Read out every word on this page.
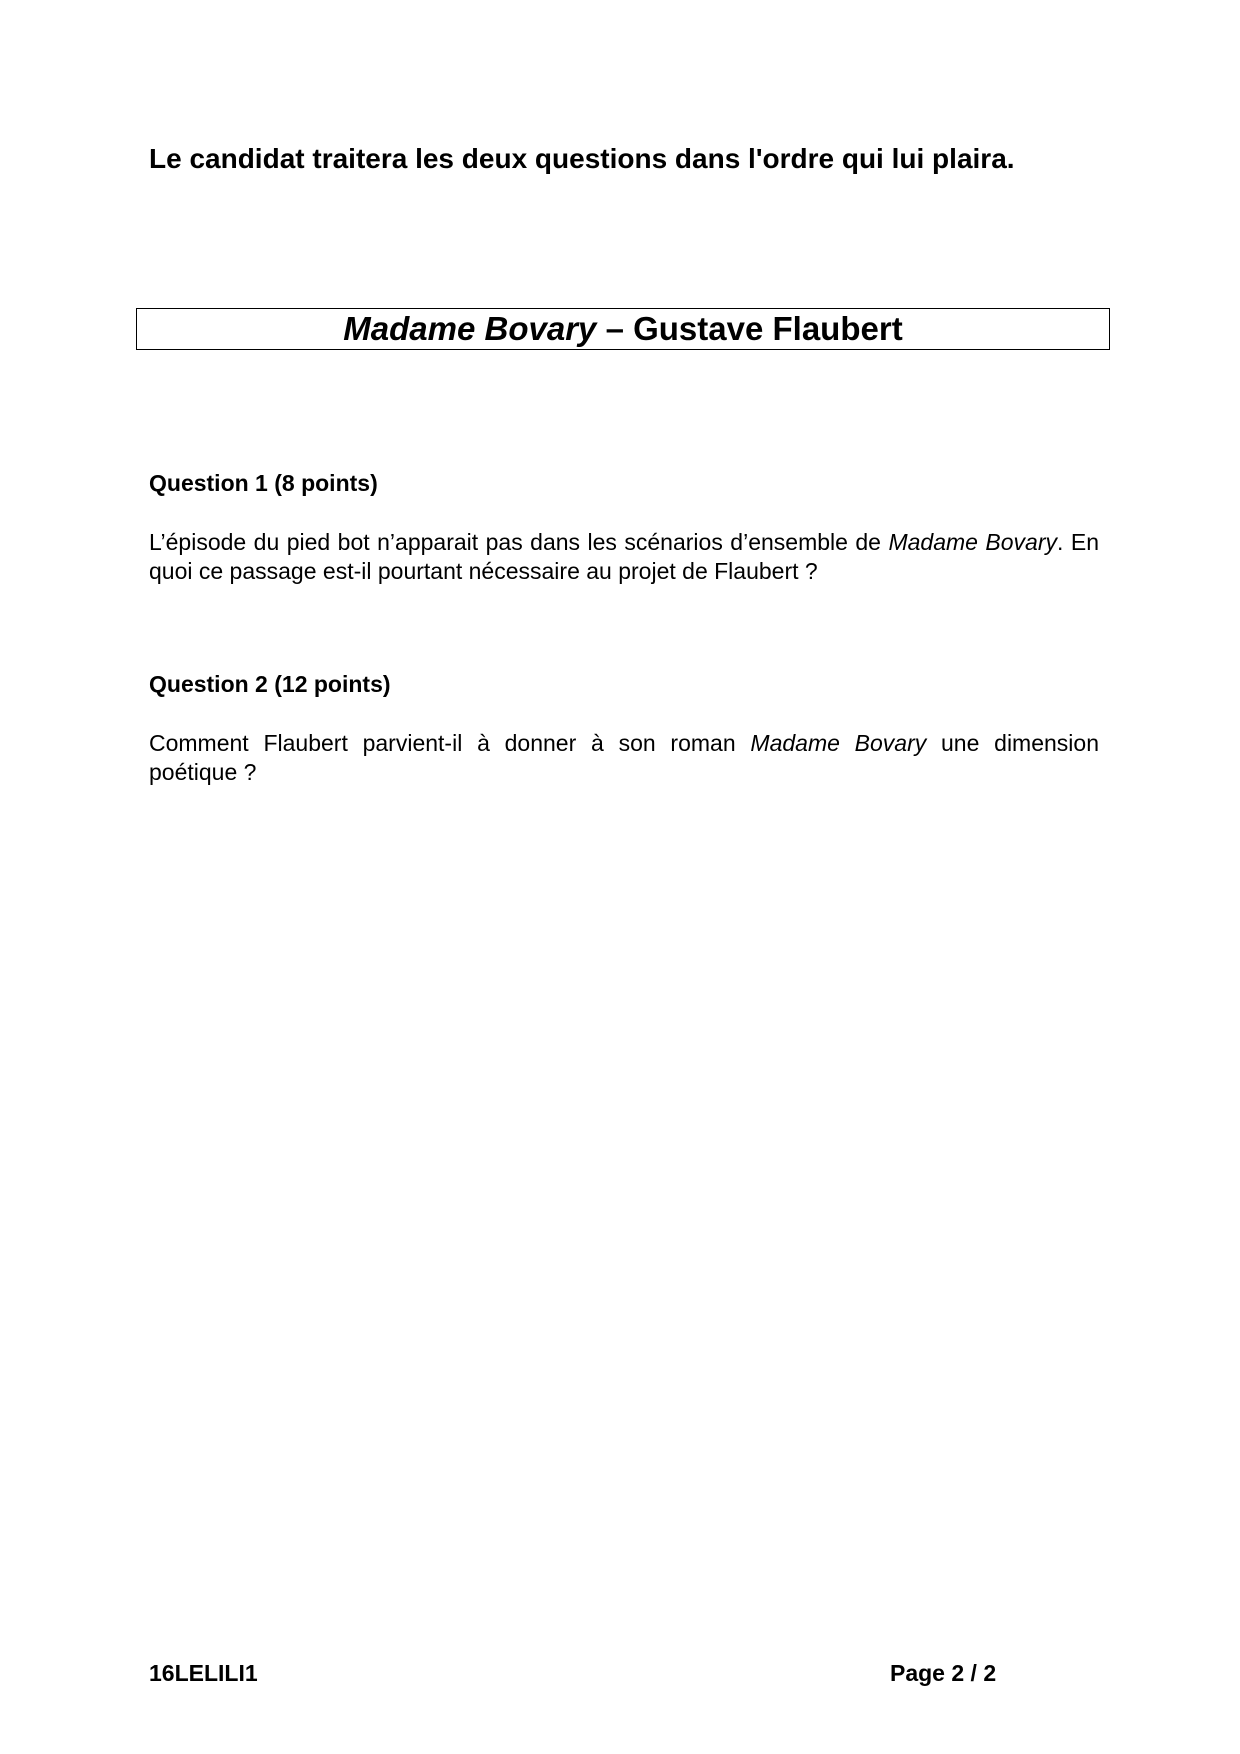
Le candidat traitera les deux questions dans l'ordre qui lui plaira.

Madame Bovary – Gustave Flaubert

Question 1 (8 points)

L’épisode du pied bot n’apparait pas dans les scénarios d’ensemble de Madame Bovary. En quoi ce passage est-il pourtant nécessaire au projet de Flaubert ?

Question 2 (12 points)

Comment Flaubert parvient-il à donner à son roman Madame Bovary une dimension poétique ?

16LELILI1	Page 2 / 2
